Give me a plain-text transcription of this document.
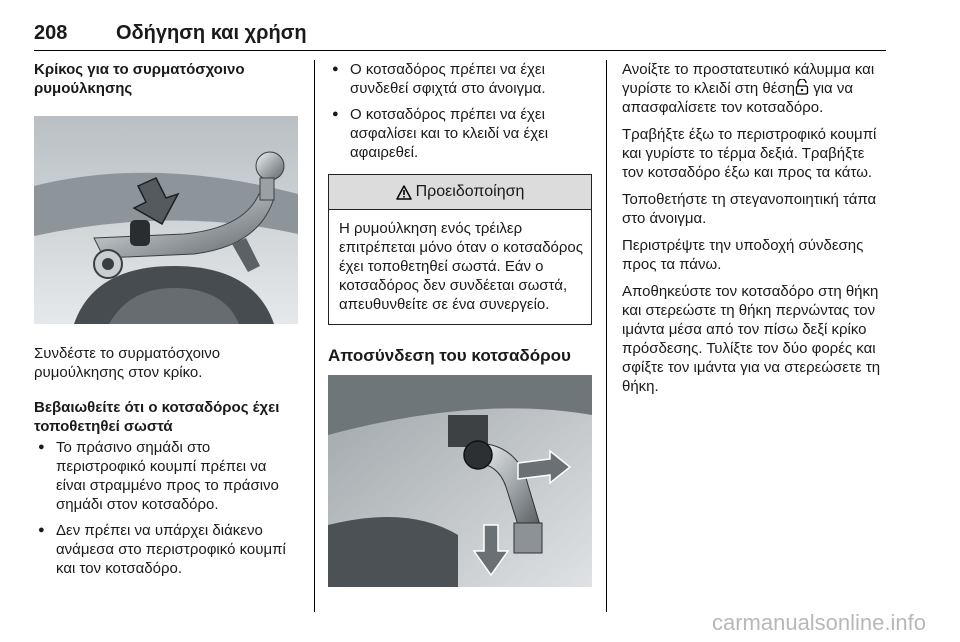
208 Οδήγηση και χρήση
Κρίκος για το συρματόσχοινο ρυμούλκησης

Συνδέστε το συρματόσχοινο ρυμούλκησης στον κρίκο.

Βεβαιωθείτε ότι ο κοτσαδόρος έχει τοποθετηθεί σωστά
● Το πράσινο σημάδι στο περιστροφικό κουμπί πρέπει να είναι στραμμένο προς το πράσινο σημάδι στον κοτσαδόρο.
● Δεν πρέπει να υπάρχει διάκενο ανάμεσα στο περιστροφικό κουμπί και τον κοτσαδόρο.
● Ο κοτσαδόρος πρέπει να έχει συνδεθεί σφιχτά στο άνοιγμα.
● Ο κοτσαδόρος πρέπει να έχει ασφαλίσει και το κλειδί να έχει αφαιρεθεί.
Προειδοποίηση
Η ρυμούλκηση ενός τρέιλερ επιτρέπεται μόνο όταν ο κοτσαδόρος έχει τοποθετηθεί σωστά. Εάν ο κοτσαδόρος δεν συνδέεται σωστά, απευθυνθείτε σε ένα συνεργείο.
Αποσύνδεση του κοτσαδόρου

Ανοίξτε το προστατευτικό κάλυμμα και γυρίστε το κλειδί στη θέση για να απασφαλίσετε τον κοτσαδόρο.

Τραβήξτε έξω το περιστροφικό κουμπί και γυρίστε το τέρμα δεξιά. Τραβήξτε τον κοτσαδόρο έξω και προς τα κάτω.

Τοποθετήστε τη στεγανοποιητική τάπα στο άνοιγμα.

Περιστρέψτε την υποδοχή σύνδεσης προς τα πάνω.

Αποθηκεύστε τον κοτσαδόρο στη θήκη και στερεώστε τη θήκη περνώντας τον ιμάντα μέσα από τον πίσω δεξί κρίκο πρόσδεσης. Τυλίξτε τον δύο φορές και σφίξτε τον ιμάντα για να στερεώσετε τη θήκη.

carmanualsonline.info
